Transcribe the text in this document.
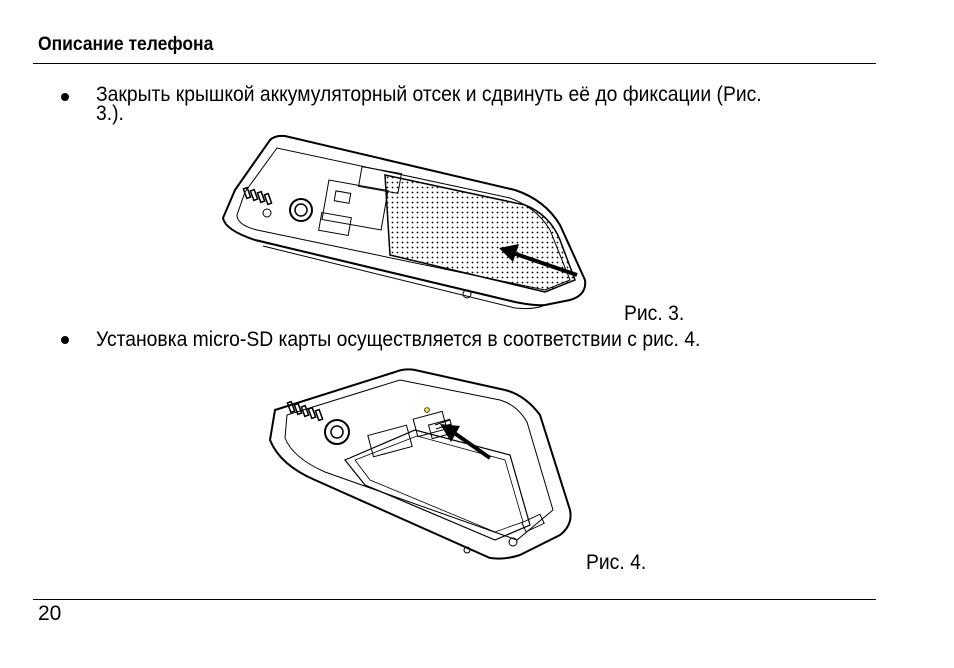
Описание телефона
Закрыть крышкой аккумуляторный отсек и сдвинуть её до фиксации (Рис.
3.).
Рис. 3.
Установка micro-SD карты осуществляется в соответствии с рис. 4.
Рис. 4.
20
